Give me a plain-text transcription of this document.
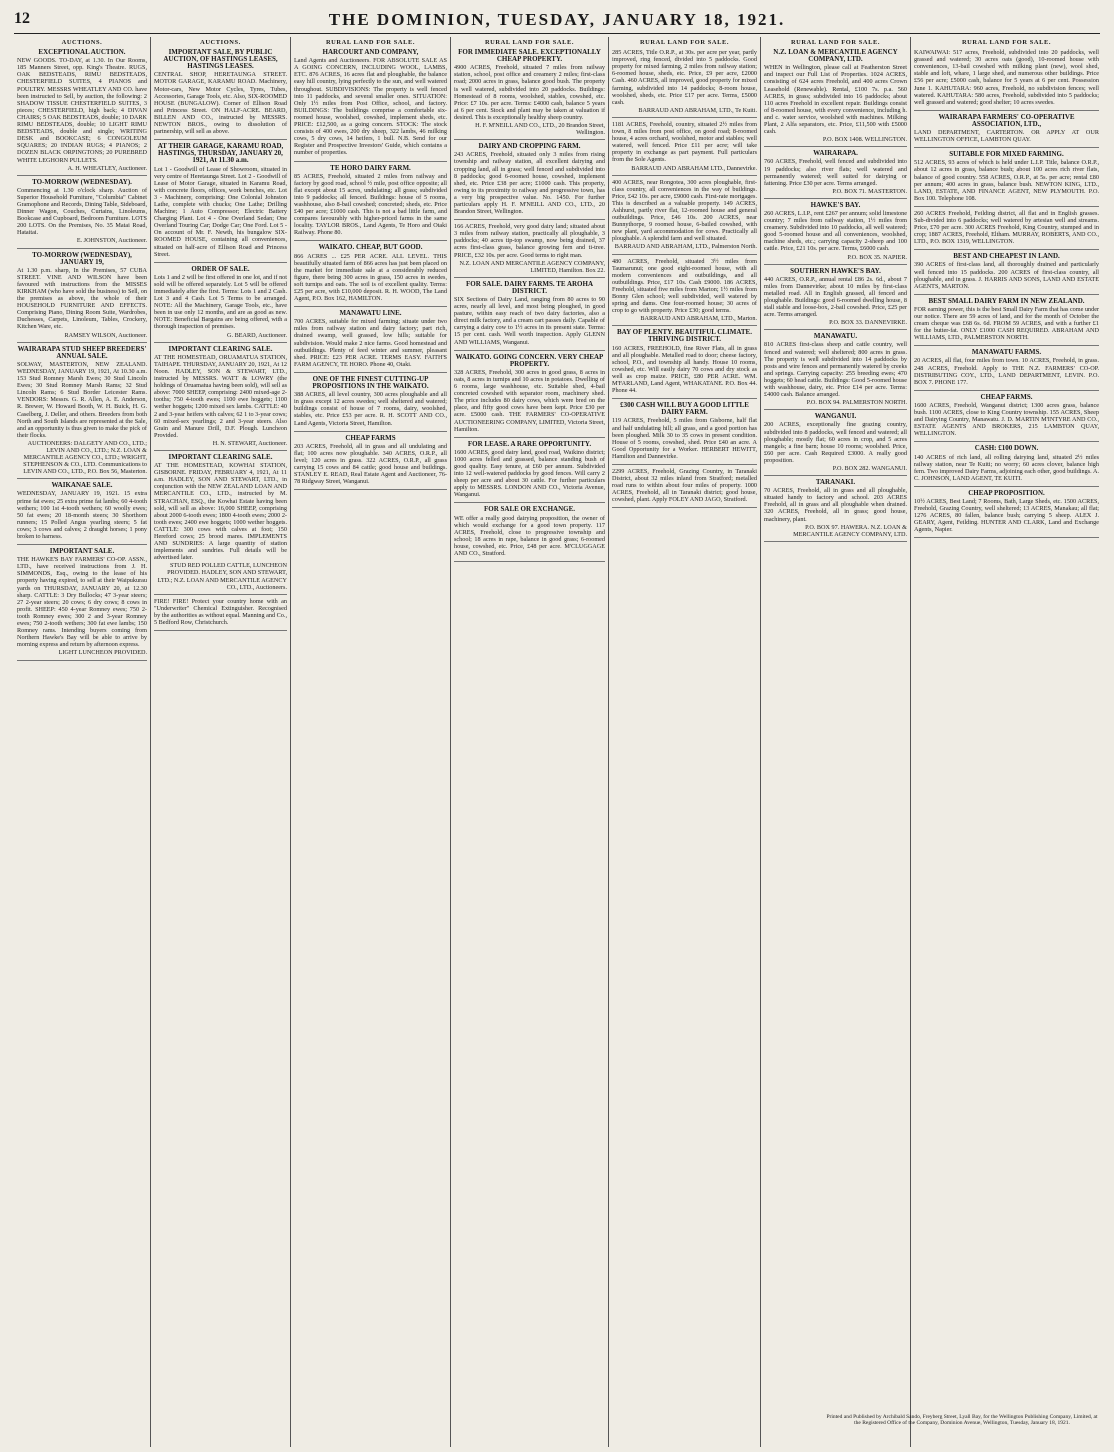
12	THE DOMINION, TUESDAY, JANUARY 18, 1921.
AUCTIONS.
EXCEPTIONAL AUCTION.

NEW GOODS. TO-DAY, at 1.30. In Our Rooms, 185 Manners Street, opp. King's Theatre. RUGS, OAK BEDSTEADS, RIMU BEDSTEADS, CHESTERFIELD SUITES, 4 PIANOS and POULTRY. MESSRS WHEATLEY AND CO. have been instructed to Sell, by auction, the following: 2 SHADOW TISSUE CHESTERFIELD SUITES, 3 pieces; CHESTERFIELD, high back; 4 DIVAN CHAIRS; 5 OAK BEDSTEADS, double; 10 DARK RIMU BEDSTEADS, double; 10 LIGHT RIMU BEDSTEADS, double and single; WRITING DESK and BOOKCASE; 6 CONGOLEUM SQUARES; 20 INDIAN RUGS; 4 PIANOS; 2 DOZEN BLACK ORPINGTONS; 20 PUREBRED WHITE LEGHORN PULLETS.

A. H. WHEATLEY, Auctioneer.
TO-MORROW (WEDNESDAY).

Commencing at 1.30 o'clock sharp. Auction of Superior Household Furniture, "Columbia" Cabinet Gramophone and Records, Dining Table, Sideboard, Dinner Wagon, Couches, Curtains, Linoleums, Bookcase and Cupboard, Bedroom Furniture. LOTS 200 LOTS. On the Premises, No. 35 Matai Road, Hataitai.

E. JOHNSTON, Auctioneer.
TO-MORROW (WEDNESDAY), JANUARY 19,

At 1.30 p.m. sharp, In the Premises, 57 CUBA STREET. VINE AND WILSON have been favoured with instructions from the MISSES KIRKHAM (who have sold the business) to Sell, on the premises as above, the whole of their HOUSEHOLD FURNITURE AND EFFECTS. Comprising Piano, Dining Room Suite, Wardrobes, Duchesses, Carpets, Linoleum, Tables, Crockery, Kitchen Ware, etc.

RAMSEY WILSON, Auctioneer.
WAIRARAPA STUD SHEEP BREEDERS' ANNUAL SALE.

SOLWAY, MASTERTON, NEW ZEALAND. WEDNESDAY, JANUARY 19, 1921, At 10.30 a.m. 153 Stud Romney Marsh Ewes; 30 Stud Lincoln Ewes; 30 Stud Romney Marsh Rams; 32 Stud Lincoln Rams; 6 Stud Border Leicester Rams. VENDORS: Messrs. G. R. Allen, A. E. Anderson, R. Brewer, W. Howard Booth, W. H. Buick, H. G. Caselberg, J. Deller, and others. Breeders from both North and South Islands are represented at the Sale, and an opportunity is thus given to make the pick of their flocks.

AUCTIONEERS: DALGETY AND CO., LTD.; LEVIN AND CO., LTD.; N.Z. LOAN & MERCANTILE AGENCY CO., LTD.; WRIGHT, STEPHENSON & CO., LTD. Communications to LEVIN AND CO., LTD., P.O. Box 56, Masterton.
WAIKANAE SALE.

WEDNESDAY, JANUARY 19, 1921. 15 extra prime fat ewes; 25 extra prime fat lambs; 60 4-tooth wethers; 100 1st 4-tooth wethers; 60 woolly ewes; 50 fat ewes; 20 18-month steers; 30 Shorthorn runners; 15 Polled Angus yearling steers; 5 fat cows; 3 cows and calves; 2 draught horses; 1 pony broken to harness.

IMPORTANT SALE.

THE HAWKE'S BAY FARMERS' CO-OP. ASSN., LTD., have received instructions from J. H. SIMMONDS, Esq., owing to the lease of his property having expired, to sell at their Waipukurau yards on THURSDAY, JANUARY 20, at 12.30 sharp. CATTLE: 3 Dry Bullocks; 47 3-year steers; 27 2-year steers; 20 cows; 6 dry cows; 8 cows in profit. SHEEP: 450 4-year Romney ewes; 750 2-tooth Romney ewes; 300 2 and 3-year Romney ewes; 750 2-tooth wethers; 300 fat ewe lambs; 150 Romney rams. Intending buyers coming from Northern Hawke's Bay will be able to arrive by morning express and return by afternoon express.

LIGHT LUNCHEON PROVIDED.
AUCTIONS.
IMPORTANT SALE, BY PUBLIC AUCTION, OF HASTINGS LEASES, HASTINGS LEASES.

CENTRAL SHOP, HERETAUNGA STREET. MOTOR GARAGE, KARAMU ROAD. Machinery, Motor-cars, New Motor Cycles, Tyres, Tubes, Accessories, Garage Tools, etc. Also, SIX-ROOMED HOUSE (BUNGALOW). Corner of Ellison Road and Princess Street. ON HALF-ACRE. BEARD, BILLEN AND CO., instructed by MESSRS. NEWTON BROS., owing to dissolution of partnership, will sell as above.

AT THEIR GARAGE, KARAMU ROAD, HASTINGS, THURSDAY, JANUARY 20, 1921, At 11.30 a.m.

Lot 1 - Goodwill of Lease of Showroom, situated in very centre of Heretaunga Street. Lot 2 - Goodwill of Lease of Motor Garage, situated in Karamu Road, with concrete floors, offices, work benches, etc. Lot 3 - Machinery, comprising: One Colonial Johnston Lathe, complete with chucks; One Lathe; Drilling Machine; 1 Auto Compressor; Electric Battery Charging Plant. Lot 4 - One Overland Sedan; One Overland Touring Car; Dodge Car; One Ford. Lot 5 - On account of Mr. F. Newth, his bungalow SIX-ROOMED HOUSE, containing all conveniences, situated on half-acre of Ellison Road and Princess Street.

ORDER OF SALE.

Lots 1 and 2 will be first offered in one lot, and if not sold will be offered separately. Lot 5 will be offered immediately after the first. Terms: Lots 1 and 2 Cash. Lot 3 and 4 Cash. Lot 5 Terms to be arranged. NOTE: All the Machinery, Garage Tools, etc., have been in use only 12 months, and are as good as new. NOTE: Beneficial Bargains are being offered, with a thorough inspection of premises.

G. BEARD, Auctioneer.
IMPORTANT CLEARING SALE.

AT THE HOMESTEAD, ORUAMATUA STATION, TAIHAPE. THURSDAY, JANUARY 20, 1921, At 12 Noon. HADLEY, SON & STEWART, LTD., instructed by MESSRS. WATT & LOWRY (the holdings of Oruamatua having been sold), will sell as above: 7000 SHEEP, comprising: 2400 mixed-age 2-tooths; 750 4-tooth ewes; 1100 ewe hoggets; 1100 wether hoggets; 1200 mixed sex lambs. CATTLE: 40 2 and 3-year heifers with calves; 62 1 to 3-year cows; 60 mixed-sex yearlings; 2 and 3-year steers. Also Grain and Manure Drill, D.F. Plough. Luncheon Provided.

H. N. STEWART, Auctioneer.
IMPORTANT CLEARING SALE.

AT THE HOMESTEAD, KOWHAI STATION, GISBORNE. FRIDAY, FEBRUARY 4, 1921, At 11 a.m. HADLEY, SON AND STEWART, LTD., in conjunction with the NEW ZEALAND LOAN AND MERCANTILE CO., LTD., instructed by M. STRACHAN, ESQ., the Kowhai Estate having been sold, will sell as above: 16,000 SHEEP, comprising about 2000 6-tooth ewes; 1800 4-tooth ewes; 2000 2-tooth ewes; 2400 ewe hoggets; 1000 wether hoggets. CATTLE: 300 cows with calves at foot; 150 Hereford cows; 25 brood mares. IMPLEMENTS AND SUNDRIES: A large quantity of station implements and sundries. Full details will be advertised later.

STUD RED POLLED CATTLE, LUNCHEON PROVIDED. HADLEY, SON AND STEWART, LTD.; N.Z. LOAN AND MERCANTILE AGENCY CO., LTD., Auctioneers.

FIRE! FIRE! Protect your country home with an "Underwriter" Chemical Extinguisher. Recognised by the authorities as without equal. Manning and Co., 5 Bedford Row, Christchurch.

RURAL LAND FOR SALE.
HARCOURT AND COMPANY,

Land Agents and Auctioneers. FOR ABSOLUTE SALE AS A GOING CONCERN, INCLUDING WOOL, LAMBS, ETC. 876 ACRES, 16 acres flat and ploughable, the balance easy hill country, lying perfectly to the sun, and well watered throughout. SUBDIVISIONS: The property is well fenced into 11 paddocks, and several smaller ones. SITUATION: Only 1½ miles from Post Office, school, and factory. BUILDINGS: The buildings comprise a comfortable six-roomed house, woolshed, cowshed, implement sheds, etc. PRICE: £12,500, as a going concern. STOCK: The stock consists of 400 ewes, 200 dry sheep, 322 lambs, 46 milking cows, 5 dry cows, 14 heifers, 1 bull. N.B. Send for our Register and Prospective Investors' Guide, which contains a number of properties.

TE HORO DAIRY FARM.

85 ACRES, Freehold, situated 2 miles from railway and factory by good road, school ½ mile, post office opposite; all flat except about 15 acres, undulating; all grass; subdivided into 9 paddocks; all fenced. Buildings: house of 5 rooms, washhouse, also 8-bail cowshed; concreted; sheds, etc. Price £40 per acre; £1000 cash. This is not a bad little farm, and compares favourably with higher-priced farms in the same locality. TAYLOR BROS., Land Agents, Te Horo and Otaki Railway. Phone 80.

WAIKATO. CHEAP, BUT GOOD.

866 ACRES ... £25 PER ACRE. ALL LEVEL. THIS beautifully situated farm of 866 acres has just been placed on the market for immediate sale at a considerably reduced figure, there being 300 acres in grass, 150 acres in swedes, soft turnips and oats. The soil is of excellent quality. Terms: £25 per acre, with £10,000 deposit. R. H. WOOD, The Land Agent, P.O. Box 162, HAMILTON.

MANAWATU LINE.

700 ACRES, suitable for mixed farming; situate under two miles from railway station and dairy factory; part rich, drained swamp, well grassed, low hills; suitable for subdivision. Would make 2 nice farms. Good homestead and outbuildings. Plenty of feed winter and summer, pleasant shed. PRICE: £23 PER ACRE. TERMS EASY. FAITH'S FARM AGENCY, TE HORO. Phone 40, Otaki.

ONE OF THE FINEST CUTTING-UP PROPOSITIONS IN THE WAIKATO.

388 ACRES, all level country, 300 acres ploughable and all in grass except 12 acres swedes; well sheltered and watered; buildings consist of house of 7 rooms, dairy, woolshed, stables, etc. Price £53 per acre. R. H. SCOTT AND CO., Land Agents, Victoria Street, Hamilton.

CHEAP FARMS

203 ACRES, Freehold, all in grass and all undulating and flat; 100 acres now ploughable. 340 ACRES, O.R.P., all level; 120 acres in grass. 322 ACRES, O.R.P., all grass carrying 15 cows and 84 cattle; good house and buildings. STANLEY E. READ, Real Estate Agent and Auctioneer, 76-78 Ridgway Street, Wanganui.

RURAL LAND FOR SALE.
FOR IMMEDIATE SALE. EXCEPTIONALLY CHEAP PROPERTY.

4900 ACRES, Freehold, situated 7 miles from railway station, school, post office and creamery 2 miles; first-class road; 2000 acres in grass, balance good bush. The property is well watered, subdivided into 20 paddocks. Buildings: Homestead of 8 rooms, woolshed, stables, cowshed, etc. Price: £7 10s. per acre. Terms: £4000 cash, balance 5 years at 6 per cent. Stock and plant may be taken at valuation if desired. This is exceptionally healthy sheep country.

H. F. M'NEILL AND CO., LTD., 20 Brandon Street, Wellington.
DAIRY AND CROPPING FARM.

243 ACRES, Freehold, situated only 3 miles from rising township and railway station, all excellent dairying and cropping land, all in grass; well fenced and subdivided into 8 paddocks; good 6-roomed house, cowshed, implement shed, etc. Price £38 per acre; £1000 cash. This property, owing to its proximity to railway and progressive town, has a very big prospective value. No. 1450. For further particulars apply H. F. M'NEILL AND CO., LTD., 20 Brandon Street, Wellington.

166 ACRES, Freehold, very good dairy land; situated about 3 miles from railway station, practically all ploughable, 3 paddocks; 40 acres tip-top swamp, now being drained, 37 acres first-class grass, balance growing fern and ti-tree. PRICE, £32 10s. per acre. Good terms to right man.

N.Z. LOAN AND MERCANTILE AGENCY COMPANY, LIMITED, Hamilton. Box 22.
FOR SALE. DAIRY FARMS. TE AROHA DISTRICT.

SIX Sections of Dairy Land, ranging from 80 acres to 90 acres, nearly all level, and most being ploughed, in good pasture, within easy reach of two dairy factories, also a direct milk factory, and a cream cart passes daily. Capable of carrying a dairy cow to 1½ acres in its present state. Terms: 15 per cent. cash. Well worth inspection. Apply GLENN AND WILLIAMS, Wanganui.

WAIKATO. GOING CONCERN. VERY CHEAP PROPERTY.

328 ACRES, Freehold, 300 acres in good grass, 8 acres in oats, 8 acres in turnips and 10 acres in potatoes. Dwelling of 6 rooms, large washhouse, etc. Suitable shed, 4-bail concreted cowshed with separator room, machinery shed. The price includes 80 dairy cows, which were bred on the place, and fifty good cows have been kept. Price £30 per acre. £5000 cash. THE FARMERS' CO-OPERATIVE AUCTIONEERING COMPANY, LIMITED, Victoria Street, Hamilton.

FOR LEASE. A RARE OPPORTUNITY.

1600 ACRES, good dairy land, good road, Waikino district; 1000 acres felled and grassed, balance standing bush of good quality. Easy tenure, at £60 per annum. Subdivided into 12 well-watered paddocks by good fences. Will carry 2 sheep per acre and about 30 cattle. For further particulars apply to MESSRS. LONDON AND CO., Victoria Avenue, Wanganui.

FOR SALE OR EXCHANGE.

WE offer a really good dairying proposition, the owner of which would exchange for a good town property. 117 ACRES, Freehold, close to progressive township and school; 18 acres in rape, balance in good grass; 6-roomed house, cowshed, etc. Price, £48 per acre. M'CLUGGAGE AND CO., Stratford.

RURAL LAND FOR SALE.

285 ACRES, Title O.R.P., at 30s. per acre per year, partly improved, ring fenced, divided into 5 paddocks. Good property for mixed farming, 2 miles from railway station; 6-roomed house, sheds, etc. Price, £9 per acre, £2000 Cash. 460 ACRES, all improved, good property for mixed farming, subdivided into 14 paddocks; 8-room house, woolshed, sheds, etc. Price £17 per acre. Terms, £5000 cash.

BARRAUD AND ABRAHAM, LTD., Te Kuiti.

1181 ACRES, Freehold, country, situated 2½ miles from town, 8 miles from post office, on good road; 8-roomed house, 4 acres orchard, woolshed, motor and stables; well watered, well fenced. Price £11 per acre; will take property in exchange as part payment. Full particulars from the Sole Agents.

BARRAUD AND ABRAHAM LTD., Dannevirke.

400 ACRES, near Rongotea, 300 acres ploughable, first-class country, all conveniences in the way of buildings. Price, £42 10s. per acre, £9000 cash. First-rate mortgages. This is described as a valuable property. 149 ACRES, Ashhurst, partly river flat, 12-roomed house and general outbuildings. Price, £46 10s. 200 ACRES, near Bunnythorpe, 9 roomed house, 6-bailed cowshed, with new plant, yard accommodation for cows. Practically all ploughable. A splendid farm and well situated.

BARRAUD AND ABRAHAM, LTD., Palmerston North.

480 ACRES, Freehold, situated 3½ miles from Taumarunui; one good eight-roomed house, with all modern conveniences and outbuildings, and all outbuildings. Price, £17 10s. Cash £9000. 186 ACRES, Freehold, situated five miles from Marton; 1½ miles from Bonny Glen school; well subdivided, well watered by spring and dams. One four-roomed house; 30 acres of crop to go with property. Price £30; good terms.

BARRAUD AND ABRAHAM, LTD., Marton.
BAY OF PLENTY. BEAUTIFUL CLIMATE. THRIVING DISTRICT.

160 ACRES, FREEHOLD, fine River Flats, all in grass and all ploughable. Metalled road to door; cheese factory, school, P.O., and township all handy. House 10 rooms, cowshed, etc. Will easily dairy 70 cows and dry stock as well as crop maize. PRICE, £80 PER ACRE. WM. M'FARLAND, Land Agent, WHAKATANE. P.O. Box 44. Phone 44.

£300 CASH WILL BUY A GOOD LITTLE DAIRY FARM.

119 ACRES, Freehold, 5 miles from Gisborne, half flat and half undulating hill; all grass, and a good portion has been ploughed. Milk 30 to 35 cows in present condition. House of 5 rooms, cowshed, shed. Price £40 an acre. A Good Opportunity for a Worker. HERBERT HEWITT, Hamilton and Dannevirke.

2299 ACRES, Freehold, Grazing Country, in Taranaki District, about 32 miles inland from Stratford; metalled road runs to within about four miles of property. 1000 ACRES, Freehold, all in Taranaki district; good house, cowshed, plant. Apply FOLEY AND JAGO, Stratford.

RURAL LAND FOR SALE.
N.Z. LOAN & MERCANTILE AGENCY COMPANY, LTD.

WHEN in Wellington, please call at Featherston Street and inspect our Full List of Properties. 1024 ACRES, consisting of 624 acres Freehold, and 400 acres Crown Leasehold (Renewable). Rental, £100 7s. p.a. 560 ACRES, in grass; subdivided into 16 paddocks; about 110 acres Freehold in excellent repair. Buildings consist of 8-roomed house, with every convenience, including h. and c. water service, woolshed with machines. Milking Plant, 2 Alfa separators, etc. Price, £11,500 with £5000 cash.

P.O. BOX 1408. WELLINGTON.
WAIRARAPA.

760 ACRES, Freehold, well fenced and subdivided into 19 paddocks; also river flats; well watered and permanently watered; well suited for dairying or fattening. Price £30 per acre. Terms arranged.

P.O. BOX 71. MASTERTON.
HAWKE'S BAY.

260 ACRES, L.I.P., rent £267 per annum; solid limestone country; 7 miles from railway station, 1½ miles from creamery. Subdivided into 10 paddocks, all well watered; good 5-roomed house and all conveniences, woolshed, machine sheds, etc.; carrying capacity 2-sheep and 100 cattle. Price, £21 10s. per acre. Terms, £6000 cash.

P.O. BOX 35. NAPIER.
SOUTHERN HAWKE'S BAY.

440 ACRES, O.R.P., annual rental £86 2s. 6d., about 7 miles from Dannevirke; about 10 miles by first-class metalled road. All in English grassed, all fenced and ploughable. Buildings: good 6-roomed dwelling house, 8 stall stable and loose-box, 2-bail cowshed. Price, £25 per acre. Terms arranged.

P.O. BOX 33. DANNEVIRKE.
MANAWATU.

810 ACRES first-class sheep and cattle country, well fenced and watered; well sheltered; 800 acres in grass. The property is well subdivided into 14 paddocks by posts and wire fences and permanently watered by creeks and springs. Carrying capacity: 255 breeding ewes; 470 hoggets; 60 head cattle. Buildings: Good 5-roomed house with washhouse, dairy, etc. Price £14 per acre. Terms: £4000 cash. Balance arranged.

P.O. BOX 94. PALMERSTON NORTH.
WANGANUI.

200 ACRES, exceptionally fine grazing country, subdivided into 8 paddocks, well fenced and watered; all ploughable; mostly flat; 60 acres in crop, and 5 acres mangels; a fine barn; house 10 rooms; woolshed. Price, £60 per acre. Cash Required £3000. A really good proposition.

P.O. BOX 282. WANGANUI.
TARANAKI.

70 ACRES, Freehold, all in grass and all ploughable, situated handy to factory and school. 203 ACRES Freehold, all in grass and all ploughable when drained. 320 ACRES, Freehold, all in grass; good house, machinery, plant.

P.O. BOX 97. HAWERA. N.Z. LOAN & MERCANTILE AGENCY COMPANY, LTD.
RURAL LAND FOR SALE.

KAIWAIWAI: 517 acres, Freehold, subdivided into 20 paddocks, well grassed and watered; 30 acres oats (good), 10-roomed house with conveniences, 13-bail cowshed with milking plant (new), wool shed, stable and loft, whare, 1 large shed, and numerous other buildings. Price £56 per acre; £5000 cash, balance for 5 years at 6 per cent. Possession June 1. KAHUTARA: 960 acres, Freehold, no subdivision fences; well watered. KAHUTARA: 580 acres, Freehold, subdivided into 5 paddocks; well grassed and watered; good shelter; 10 acres swedes.

WAIRARAPA FARMERS' CO-OPERATIVE ASSOCIATION, LTD.,

LAND DEPARTMENT, CARTERTON. OR APPLY AT OUR WELLINGTON OFFICE, LAMBTON QUAY.

SUITABLE FOR MIXED FARMING.

512 ACRES, 93 acres of which is held under L.I.P. Title, balance O.R.P., about 12 acres in grass, balance bush; about 100 acres rich river flats, balance of good country. 558 ACRES, O.R.P., at 5s. per acre; rental £80 per annum; 400 acres in grass, balance bush. NEWTON KING, LTD., LAND, ESTATE, AND FINANCE AGENT, NEW PLYMOUTH. P.O. Box 100. Telephone 108.

260 ACRES Freehold, Feilding district, all flat and in English grasses. Sub-divided into 6 paddocks; well watered by artesian well and streams. Price, £70 per acre. 300 ACRES Freehold, King Country, stumped and in crop; 1887 ACRES, Freehold, Eltham. MURRAY, ROBERTS, AND CO., LTD., P.O. BOX 1319, WELLINGTON.

BEST AND CHEAPEST IN LAND.

390 ACRES of first-class land, all thoroughly drained and particularly well fenced into 15 paddocks. 200 ACRES of first-class country, all ploughable, and in grass. J. HARRIS AND SONS, LAND AND ESTATE AGENTS, MARTON.

BEST SMALL DAIRY FARM IN NEW ZEALAND.

FOR earning power, this is the best Small Dairy Farm that has come under our notice. There are 59 acres of land, and for the month of October the cream cheque was £68 6s. 6d. FROM 59 ACRES, and with a further £1 for the butter-fat. ONLY £1000 CASH REQUIRED. ABRAHAM AND WILLIAMS, LTD., PALMERSTON NORTH.

MANAWATU FARMS.

20 ACRES, all flat, four miles from town. 10 ACRES, Freehold, in grass. 248 ACRES, Freehold. Apply to THE N.Z. FARMERS' CO-OP. DISTRIBUTING COY., LTD., LAND DEPARTMENT, LEVIN. P.O. BOX 7. PHONE 177.

CHEAP FARMS.

1600 ACRES, Freehold, Wanganui district; 1300 acres grass, balance bush. 1100 ACRES, close to King Country township. 155 ACRES, Sheep and Dairying Country, Manawatu. J. D. MARTIN M'INTYRE AND CO., ESTATE AGENTS AND BROKERS, 215 LAMBTON QUAY, WELLINGTON.

CASH: £100 DOWN.

140 ACRES of rich land, all rolling dairying land, situated 2½ miles railway station, near Te Kuiti; no worry; 60 acres clover, balance high fern. Two improved Dairy Farms, adjoining each other, good buildings. A. C. JOHNSON, LAND AGENT, TE KUITI.

CHEAP PROPOSITION.

10½ ACRES, Best Land; 7 Rooms, Bath, Large Sheds, etc. 1500 ACRES, Freehold, Grazing Country, well sheltered; 13 ACRES, Manakau; all flat; 1276 ACRES, 80 fallen, balance bush; carrying 5 sheep. ALEX J. GEARY, Agent, Feilding. HUNTER AND CLARK, Land and Exchange Agents, Napier.

Printed and Published by Archibald Sando, Freyberg Street, Lyall Bay, for the Wellington Publishing Company, Limited, at the Registered Office of the Company, Dominion Avenue, Wellington, Tuesday, January 18, 1921.
